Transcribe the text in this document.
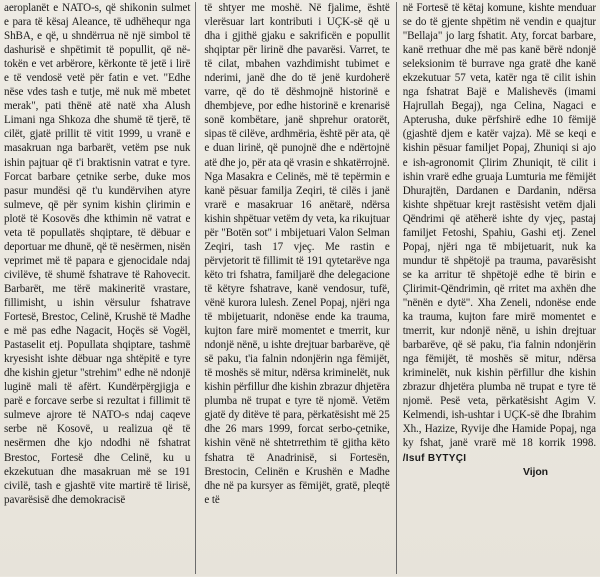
aeroplanët e NATO-s, që shikonin sulmet e para të kësaj Aleance, të udhëhequr nga ShBA, e që, u shndërrua në një simbol të dashurisë e shpëtimit të popullit, që në-tokën e vet arbërore, kërkonte të jetë i lirë e të vendosë vetë për fatin e vet. "Edhe nëse vdes tash e tutje, më nuk më mbetet merak", pati thënë atë natë xha Alush Limani nga Shkoza dhe shumë të tjerë, të cilët, gjatë prillit të vitit 1999, u vranë e masakruan nga barbarët, vetëm pse nuk ishin pajtuar që t'i braktisnin vatrat e tyre. Forcat barbare çetnike serbe, duke mos pasur mundësi që t'u kundërvihen atyre sulmeve, që për synim kishin çlirimin e plotë të Kosovës dhe kthimin në vatrat e veta të popullatës shqiptare, të dëbuar e deportuar me dhunë, që të nesërmen, nisën veprimet më të papara e gjenocidale ndaj civilëve, të shumë fshatrave të Rahovecit. Barbarët, me tërë makineritë vrastare, fillimisht, u ishin vërsulur fshatrave Fortesë, Brestoc, Celinë, Krushë të Madhe e më pas edhe Nagacit, Hoçës së Vogël, Pastaselit etj. Popullata shqiptare, tashmë kryesisht ishte dëbuar nga shtëpitë e tyre dhe kishin gjetur "strehim" edhe në ndonjë luginë mali të afërt. Kundërpërgjigja e parë e forcave serbe si rezultat i fillimit të sulmeve ajrore të NATO-s ndaj caqeve serbe në Kosovë, u realizua që të nesërmen dhe kjo ndodhi në fshatrat Brestoc, Fortesë dhe Celinë, ku u ekzekutuan dhe masakruan më se 191 civilë, tash e gjashtë vite martirë të lirisë, pavarësisë dhe demokracisë

të shtyer me moshë. Në fjalime, është vlerësuar lart kontributi i UÇK-së që u dha i gjithë gjaku e sakrificën e popullit shqiptar për lirinë dhe pavarësi. Varret, te të cilat, mbahen vazhdimisht tubimet e nderimi, janë dhe do të jenë kurdoherë varre, që do të dëshmojnë historinë e dhembjeve, por edhe historinë e krenarisë sonë kombëtare, janë shprehur oratorët, sipas të cilëve, ardhmëria, është për ata, që e duan lirinë, që punojnë dhe e ndërtojnë atë dhe jo, për ata që vrasin e shkatërrojnë. Nga Masakra e Celinës, më të tepërmin e kanë pësuar familja Zeqiri, të cilës i janë vrarë e masakruar 16 anëtarë, ndërsa kishin shpëtuar vetëm dy veta, ka rikujtuar për "Botën sot" i mbijetuari Valon Selman Zeqiri, tash 17 vjeç. Me rastin e përvjetorit të fillimit të 191 qytetarëve nga këto tri fshatra, familjarë dhe delegacione të këtyre fshatrave, kanë vendosur, tufë, vënë kurora lulesh. Zenel Popaj, njëri nga të mbijetuarit, ndonëse ende ka trauma, kujton fare mirë momentet e tmerrit, kur ndonjë nënë, u ishte drejtuar barbarëve, që së paku, t'ia falnin ndonjërin nga fëmijët, të moshës së mitur, ndërsa kriminelët, nuk kishin përfillur dhe kishin zbrazur dhjetëra plumba në trupat e tyre të njomë. Vetëm gjatë dy ditëve të para, përkatësisht më 25 dhe 26 mars 1999, forcat serbo-çetnike, kishin vënë në shtetrrethim të gjitha këto fshatra të Anadrinisë, si Fortesën, Brestocin, Celinën e Krushën e Madhe dhe në pa kursyer as fëmijët, gratë, pleqtë e të

në Fortesë të këtaj komune, kishte menduar se do të gjente shpëtim në vendin e quajtur "Bellaja" jo larg fshatit. Aty, forcat barbare, kanë rrethuar dhe më pas kanë bërë ndonjë seleksionim të burrave nga gratë dhe kanë ekzekutuar 57 veta, katër nga të cilit ishin nga fshatrat Bajë e Malishevës (imami Hajrullah Begaj), nga Celina, Nagaci e Apterusha, duke përfshirë edhe 10 fëmijë (gjashtë djem e katër vajza). Më se keqi e kishin pësuar familjet Popaj, Zhuniqi si ajo e ish-agronomit Çlirim Zhuniqit, të cilit i ishin vrarë edhe gruaja Lumturia me fëmijët Dhurajtën, Dardanen e Dardanin, ndërsa kishte shpëtuar krejt rastësisht vetëm djali Qëndrimi që atëherë ishte dy vjeç, pastaj familjet Fetoshi, Spahiu, Gashi etj. Zenel Popaj, njëri nga të mbijetuarit, nuk ka mundur të shpëtojë pa trauma, pavarësisht se ka arritur të shpëtojë edhe të birin e Çlirimit-Qëndrimin, që rritet ma axhën dhe "nënën e dytë". Xha Zeneli, ndonëse ende ka trauma, kujton fare mirë momentet e tmerrit, kur ndonjë nënë, u ishin drejtuar barbarëve, që së paku, t'ia falnin ndonjërin nga fëmijët, të moshës së mitur, ndërsa kriminelët, nuk kishin përfillur dhe kishin zbrazur dhjetëra plumba në trupat e tyre të njomë. Pesë veta, përkatësisht Agim V. Kelmendi, ish-ushtar i UÇK-së dhe Ibrahim Xh., Hazize, Ryvije dhe Hamide Popaj, nga ky fshat, janë vrarë më 18 korrik 1998. /Isuf BYTYÇI

Vijon
